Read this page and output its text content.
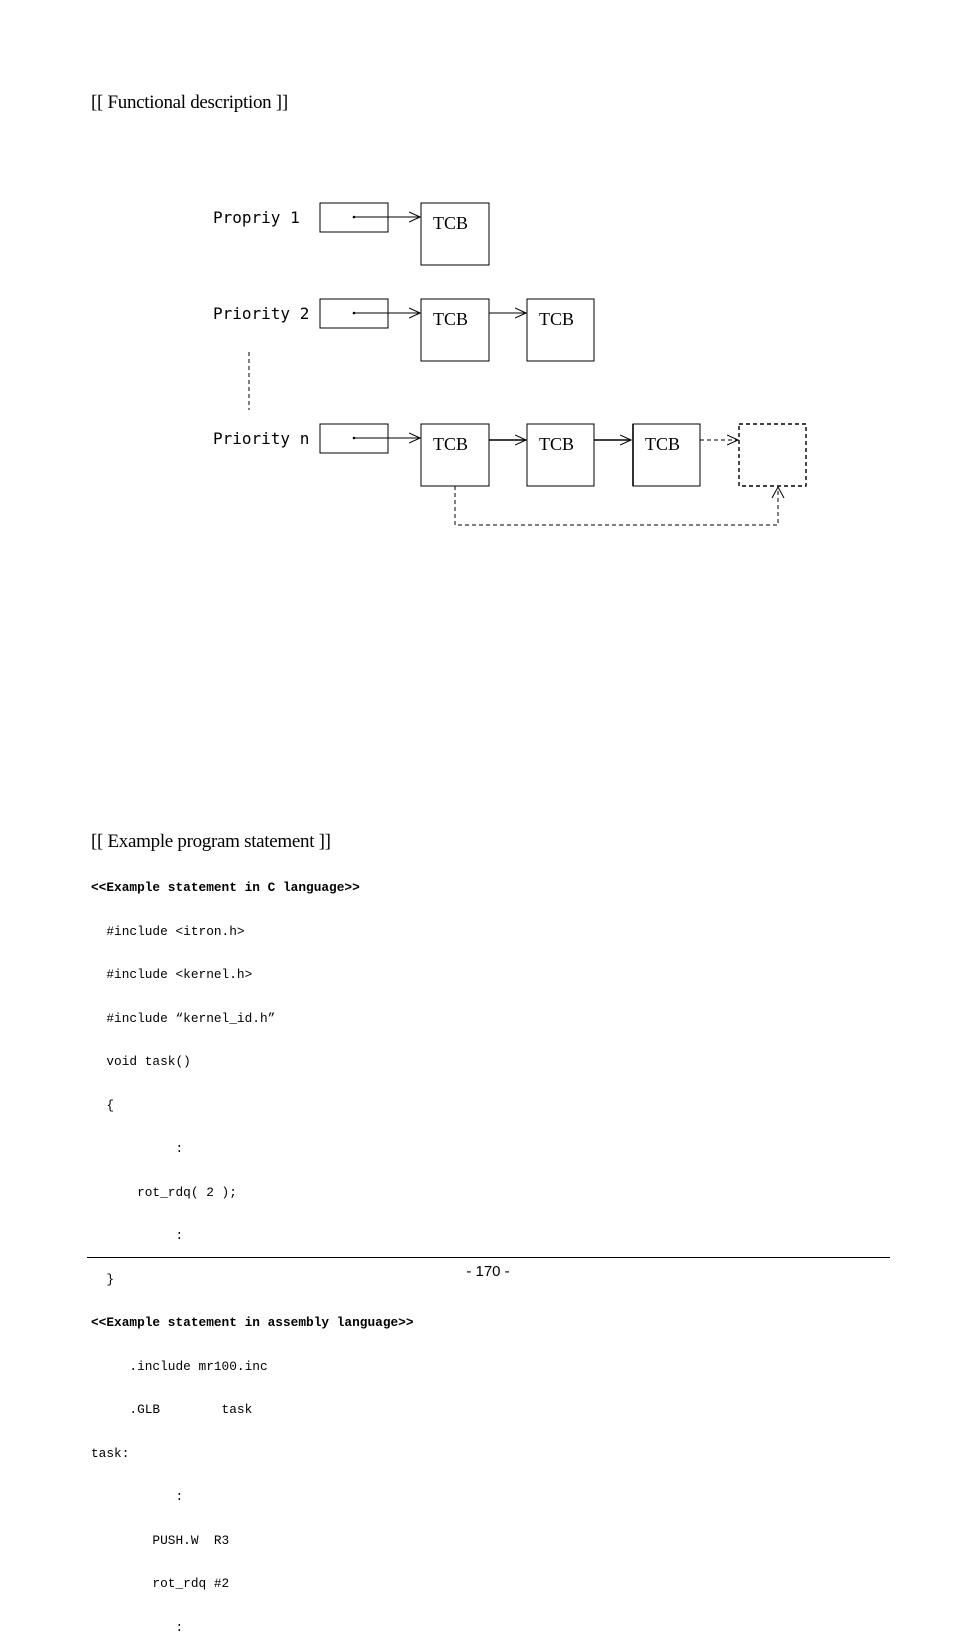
[[ Functional description ]]
Propriy 1	TCB
Priority 2	TCB	TCB
Priority n	TCB	TCB	TCB
[[ Example program statement ]]

<<Example statement in C language>>

#include <itron.h>

#include <kernel.h>

#include “kernel_id.h”

void task()

{

:

rot_rdq( 2 );

:

}

<<Example statement in assembly language>>

.include mr100.inc

.GLB        task

task:

:

PUSH.W  R3

rot_rdq #2

:

- 170 -
